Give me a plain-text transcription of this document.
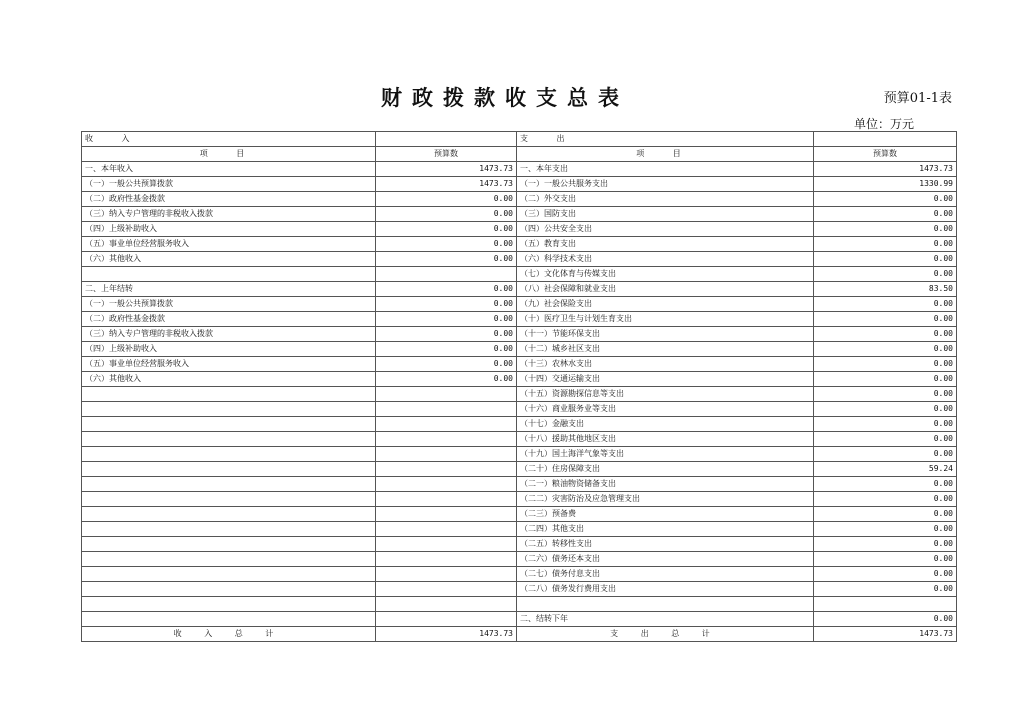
财政拨款收支总表	预算01-1表
单位：万元
收 入		支 出	
项 目	预算数	项 目	预算数
一、本年收入	1473.73	一、本年支出	1473.73
（一）一般公共预算拨款	1473.73	（一）一般公共服务支出	1330.99
（二）政府性基金拨款	0.00	（二）外交支出	0.00
（三）纳入专户管理的非税收入拨款	0.00	（三）国防支出	0.00
（四）上级补助收入	0.00	（四）公共安全支出	0.00
（五）事业单位经营服务收入	0.00	（五）教育支出	0.00
（六）其他收入	0.00	（六）科学技术支出	0.00
		（七）文化体育与传媒支出	0.00
二、上年结转	0.00	（八）社会保障和就业支出	83.50
（一）一般公共预算拨款	0.00	（九）社会保险支出	0.00
（二）政府性基金拨款	0.00	（十）医疗卫生与计划生育支出	0.00
（三）纳入专户管理的非税收入拨款	0.00	（十一）节能环保支出	0.00
（四）上级补助收入	0.00	（十二）城乡社区支出	0.00
（五）事业单位经营服务收入	0.00	（十三）农林水支出	0.00
（六）其他收入	0.00	（十四）交通运输支出	0.00
		（十五）资源勘探信息等支出	0.00
		（十六）商业服务业等支出	0.00
		（十七）金融支出	0.00
		（十八）援助其他地区支出	0.00
		（十九）国土海洋气象等支出	0.00
		（二十）住房保障支出	59.24
		（二一）粮油物资储备支出	0.00
		（二二）灾害防治及应急管理支出	0.00
		（二三）预备费	0.00
		（二四）其他支出	0.00
		（二五）转移性支出	0.00
		（二六）债务还本支出	0.00
		（二七）债务付息支出	0.00
		（二八）债务发行费用支出	0.00

		二、结转下年	0.00
收 入 总 计	1473.73	支 出 总 计	1473.73
